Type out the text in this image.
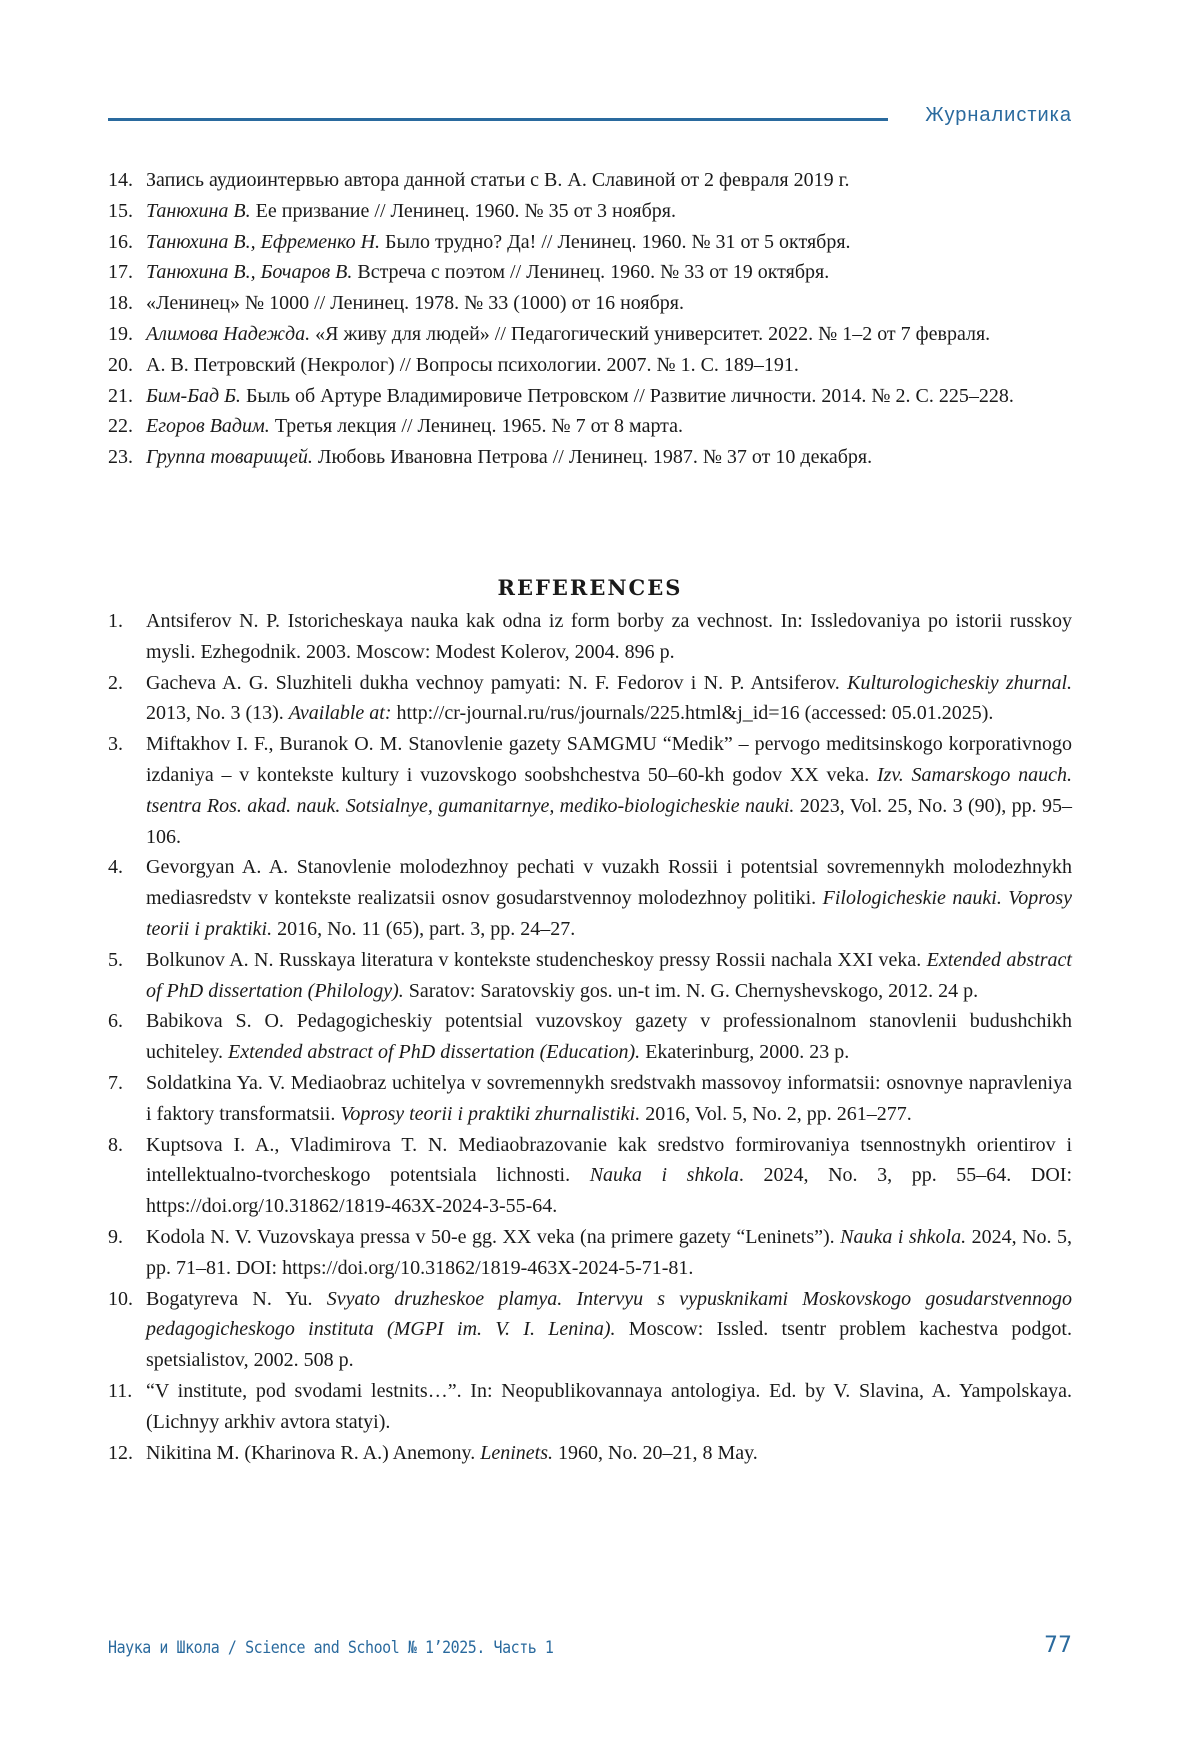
Журналистика
14. Запись аудиоинтервью автора данной статьи с В. А. Славиной от 2 февраля 2019 г.
15. Танюхина В. Ее призвание // Ленинец. 1960. № 35 от 3 ноября.
16. Танюхина В., Ефременко Н. Было трудно? Да! // Ленинец. 1960. № 31 от 5 октября.
17. Танюхина В., Бочаров В. Встреча с поэтом // Ленинец. 1960. № 33 от 19 октября.
18. «Ленинец» № 1000 // Ленинец. 1978. № 33 (1000) от 16 ноября.
19. Алимова Надежда. «Я живу для людей» // Педагогический университет. 2022. № 1–2 от 7 февраля.
20. А. В. Петровский (Некролог) // Вопросы психологии. 2007. № 1. С. 189–191.
21. Бим-Бад Б. Быль об Артуре Владимировиче Петровском // Развитие личности. 2014. № 2. С. 225–228.
22. Егоров Вадим. Третья лекция // Ленинец. 1965. № 7 от 8 марта.
23. Группа товарищей. Любовь Ивановна Петрова // Ленинец. 1987. № 37 от 10 декабря.
REFERENCES
1. Antsiferov N. P. Istoricheskaya nauka kak odna iz form borby za vechnost. In: Issledovaniya po istorii russkoy mysli. Ezhegodnik. 2003. Moscow: Modest Kolerov, 2004. 896 p.
2. Gacheva A. G. Sluzhiteli dukha vechnoy pamyati: N. F. Fedorov i N. P. Antsiferov. Kulturologicheskiy zhurnal. 2013, No. 3 (13). Available at: http://cr-journal.ru/rus/journals/225.html&j_id=16 (accessed: 05.01.2025).
3. Miftakhov I. F., Buranok O. M. Stanovlenie gazety SAMGMU “Medik” – pervogo meditsinskogo korporativnogo izdaniya – v kontekste kultury i vuzovskogo soobshchestva 50–60-kh godov XX veka. Izv. Samarskogo nauch. tsentra Ros. akad. nauk. Sotsialnye, gumanitarnye, mediko-biologicheskie nauki. 2023, Vol. 25, No. 3 (90), pp. 95–106.
4. Gevorgyan A. A. Stanovlenie molodezhnoy pechati v vuzakh Rossii i potentsial sovremennykh molodezhnykh mediasredstv v kontekste realizatsii osnov gosudarstvennoy molodezhnoy politiki. Filologicheskie nauki. Voprosy teorii i praktiki. 2016, No. 11 (65), part. 3, pp. 24–27.
5. Bolkunov A. N. Russkaya literatura v kontekste studencheskoy pressy Rossii nachala XXI veka. Extended abstract of PhD dissertation (Philology). Saratov: Saratovskiy gos. un-t im. N. G. Chernyshevskogo, 2012. 24 p.
6. Babikova S. O. Pedagogicheskiy potentsial vuzovskoy gazety v professionalnom stanovlenii budushchikh uchiteley. Extended abstract of PhD dissertation (Education). Ekaterinburg, 2000. 23 p.
7. Soldatkina Ya. V. Mediaobraz uchitelya v sovremennykh sredstvakh massovoy informatsii: osnovnye napravleniya i faktory transformatsii. Voprosy teorii i praktiki zhurnalistiki. 2016, Vol. 5, No. 2, pp. 261–277.
8. Kuptsova I. A., Vladimirova T. N. Mediaobrazovanie kak sredstvo formirovaniya tsennostnykh orientirov i intellektualno-tvorcheskogo potentsiala lichnosti. Nauka i shkola. 2024, No. 3, pp. 55–64. DOI: https://doi.org/10.31862/1819-463X-2024-3-55-64.
9. Kodola N. V. Vuzovskaya pressa v 50-e gg. XX veka (na primere gazety “Leninets”). Nauka i shkola. 2024, No. 5, pp. 71–81. DOI: https://doi.org/10.31862/1819-463X-2024-5-71-81.
10. Bogatyreva N. Yu. Svyato druzheskoe plamya. Intervyu s vypusknikami Moskovskogo gosudarstvennogo pedagogicheskogo instituta (MGPI im. V. I. Lenina). Moscow: Issled. tsentr problem kachestva podgot. spetsialistov, 2002. 508 p.
11. “V institute, pod svodami lestnits…”. In: Neopublikovannaya antologiya. Ed. by V. Slavina, A. Yampolskaya. (Lichnyy arkhiv avtora statyi).
12. Nikitina M. (Kharinova R. A.) Anemony. Leninets. 1960, No. 20–21, 8 May.
Наука и Школа / Science and School № 1’2025. Часть 1	77
